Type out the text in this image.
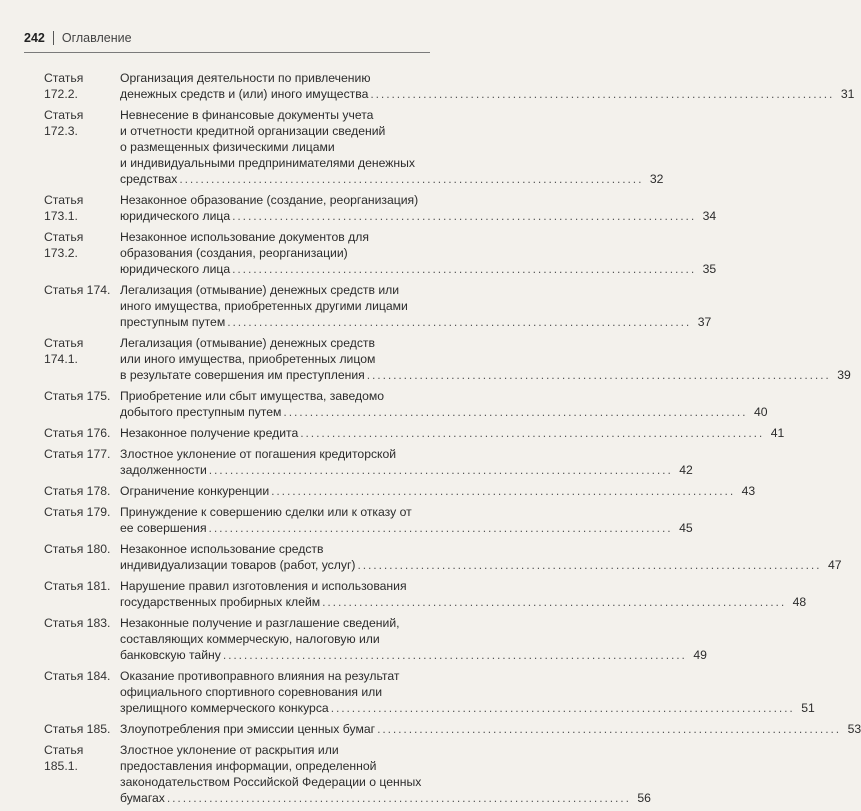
242 Оглавление
Статья 172.2.
Организация деятельности по привлечению
денежных средств и (или) иного имущества . . .	31
Статья 172.3.
Невнесение в финансовые документы учета
и отчетности кредитной организации сведений
о размещенных физическими лицами
и индивидуальными предпринимателями денежных
средствах . . .	32
Статья 173.1.
Незаконное образование (создание, реорганизация)
юридического лица . . .	34
Статья 173.2.
Незаконное использование документов для
образования (создания, реорганизации)
юридического лица . . .	35
Статья 174. Легализация (отмывание) денежных средств или
иного имущества, приобретенных другими лицами
преступным путем . . .	37
Статья 174.1.
Легализация (отмывание) денежных средств
или иного имущества, приобретенных лицом
в результате совершения им преступления . . .	39
Статья 175. Приобретение или сбыт имущества, заведомо
добытого преступным путем . . .	40
Статья 176. Незаконное получение кредита . . .	41
Статья 177. Злостное уклонение от погашения кредиторской
задолженности . . .	42
Статья 178. Ограничение конкуренции . . .	43
Статья 179. Принуждение к совершению сделки или к отказу от
ее совершения . . .	45
Статья 180. Незаконное использование средств
индивидуализации товаров (работ, услуг) . . .	47
Статья 181. Нарушение правил изготовления и использования
государственных пробирных клейм . . .	48
Статья 183. Незаконные получение и разглашение сведений,
составляющих коммерческую, налоговую или
банковскую тайну . . .	49
Статья 184. Оказание противоправного влияния на результат
официального спортивного соревнования или
зрелищного коммерческого конкурса . . .	51
Статья 185. Злоупотребления при эмиссии ценных бумаг . . .	53
Статья 185.1.
Злостное уклонение от раскрытия или
предоставления информации, определенной
законодательством Российской Федерации о ценных
бумагах . . .	56
